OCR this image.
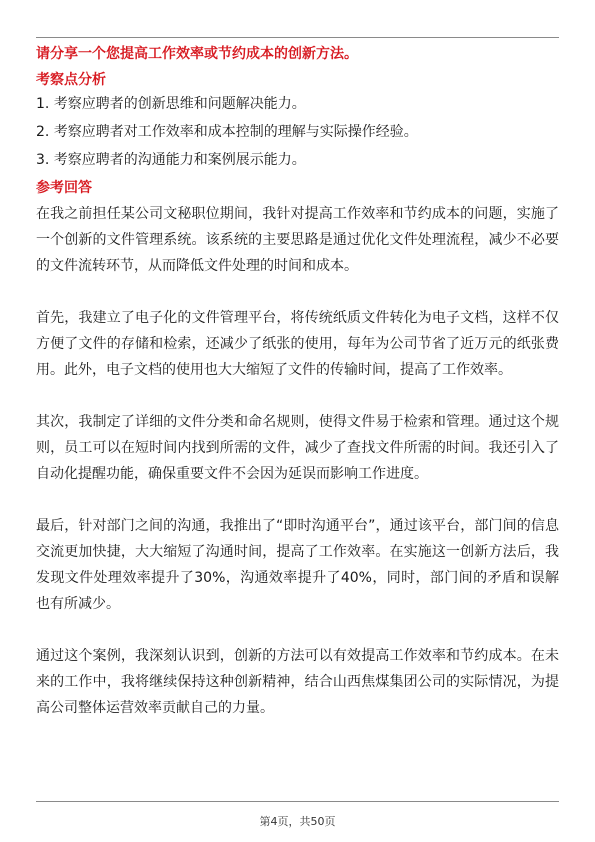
请分享一个您提高工作效率或节约成本的创新方法。
考察点分析
1. 考察应聘者的创新思维和问题解决能力。
2. 考察应聘者对工作效率和成本控制的理解与实际操作经验。
3. 考察应聘者的沟通能力和案例展示能力。
参考回答

在我之前担任某公司文秘职位期间，我针对提高工作效率和节约成本的问题，实施了一个创新的文件管理系统。该系统的主要思路是通过优化文件处理流程，减少不必要的文件流转环节，从而降低文件处理的时间和成本。

首先，我建立了电子化的文件管理平台，将传统纸质文件转化为电子文档，这样不仅方便了文件的存储和检索，还减少了纸张的使用，每年为公司节省了近万元的纸张费用。此外，电子文档的使用也大大缩短了文件的传输时间，提高了工作效率。

其次，我制定了详细的文件分类和命名规则，使得文件易于检索和管理。通过这个规则，员工可以在短时间内找到所需的文件，减少了查找文件所需的时间。我还引入了自动化提醒功能，确保重要文件不会因为延误而影响工作进度。

最后，针对部门之间的沟通，我推出了“即时沟通平台”，通过该平台，部门间的信息交流更加快捷，大大缩短了沟通时间，提高了工作效率。在实施这一创新方法后，我发现文件处理效率提升了30%，沟通效率提升了40%，同时，部门间的矛盾和误解也有所减少。

通过这个案例，我深刻认识到，创新的方法可以有效提高工作效率和节约成本。在未来的工作中，我将继续保持这种创新精神，结合山西焦煤集团公司的实际情况，为提高公司整体运营效率贡献自己的力量。

第4页，共50页
